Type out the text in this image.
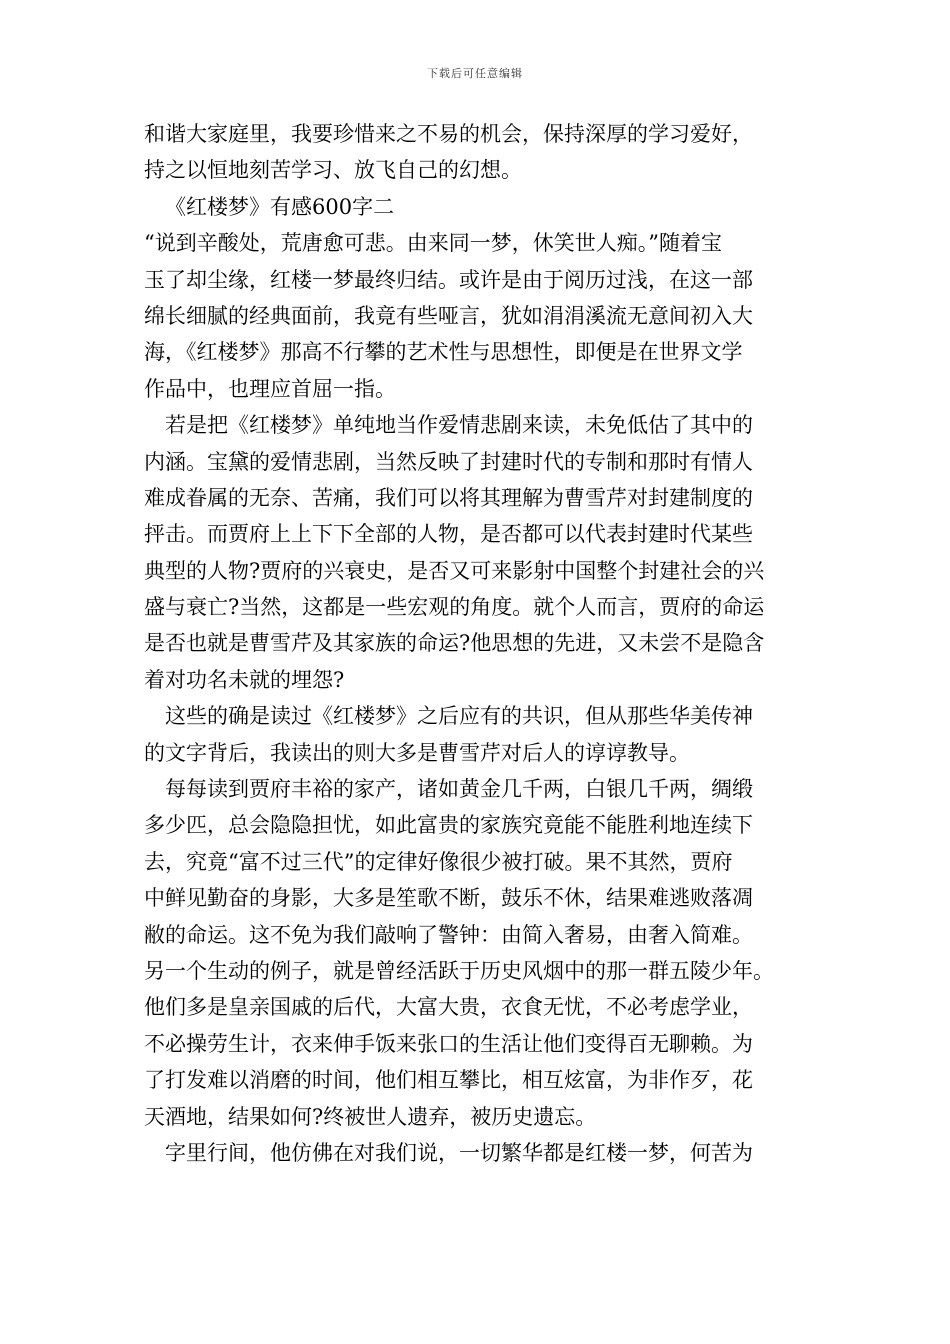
下载后可任意编辑
和谐大家庭里，我要珍惜来之不易的机会，保持深厚的学习爱好，
持之以恒地刻苦学习、放飞自己的幻想。
《红楼梦》有感600字二
“说到辛酸处，荒唐愈可悲。由来同一梦，休笑世人痴。”随着宝
玉了却尘缘，红楼一梦最终归结。或许是由于阅历过浅，在这一部
绵长细腻的经典面前，我竟有些哑言，犹如涓涓溪流无意间初入大
海，《红楼梦》那高不行攀的艺术性与思想性，即便是在世界文学
作品中，也理应首屈一指。
若是把《红楼梦》单纯地当作爱情悲剧来读，未免低估了其中的
内涵。宝黛的爱情悲剧，当然反映了封建时代的专制和那时有情人
难成眷属的无奈、苦痛，我们可以将其理解为曹雪芹对封建制度的
抨击。而贾府上上下下全部的人物，是否都可以代表封建时代某些
典型的人物?贾府的兴衰史，是否又可来影射中国整个封建社会的兴
盛与衰亡?当然，这都是一些宏观的角度。就个人而言，贾府的命运
是否也就是曹雪芹及其家族的命运?他思想的先进，又未尝不是隐含
着对功名未就的埋怨?
这些的确是读过《红楼梦》之后应有的共识，但从那些华美传神
的文字背后，我读出的则大多是曹雪芹对后人的谆谆教导。
每每读到贾府丰裕的家产，诸如黄金几千两，白银几千两，绸缎
多少匹，总会隐隐担忧，如此富贵的家族究竟能不能胜利地连续下
去，究竟“富不过三代”的定律好像很少被打破。果不其然，贾府
中鲜见勤奋的身影，大多是笙歌不断，鼓乐不休，结果难逃败落凋
敝的命运。这不免为我们敲响了警钟：由简入奢易，由奢入简难。
另一个生动的例子，就是曾经活跃于历史风烟中的那一群五陵少年。
他们多是皇亲国戚的后代，大富大贵，衣食无忧，不必考虑学业，
不必操劳生计，衣来伸手饭来张口的生活让他们变得百无聊赖。为
了打发难以消磨的时间，他们相互攀比，相互炫富，为非作歹，花
天酒地，结果如何?终被世人遗弃，被历史遗忘。
字里行间，他仿佛在对我们说，一切繁华都是红楼一梦，何苦为
